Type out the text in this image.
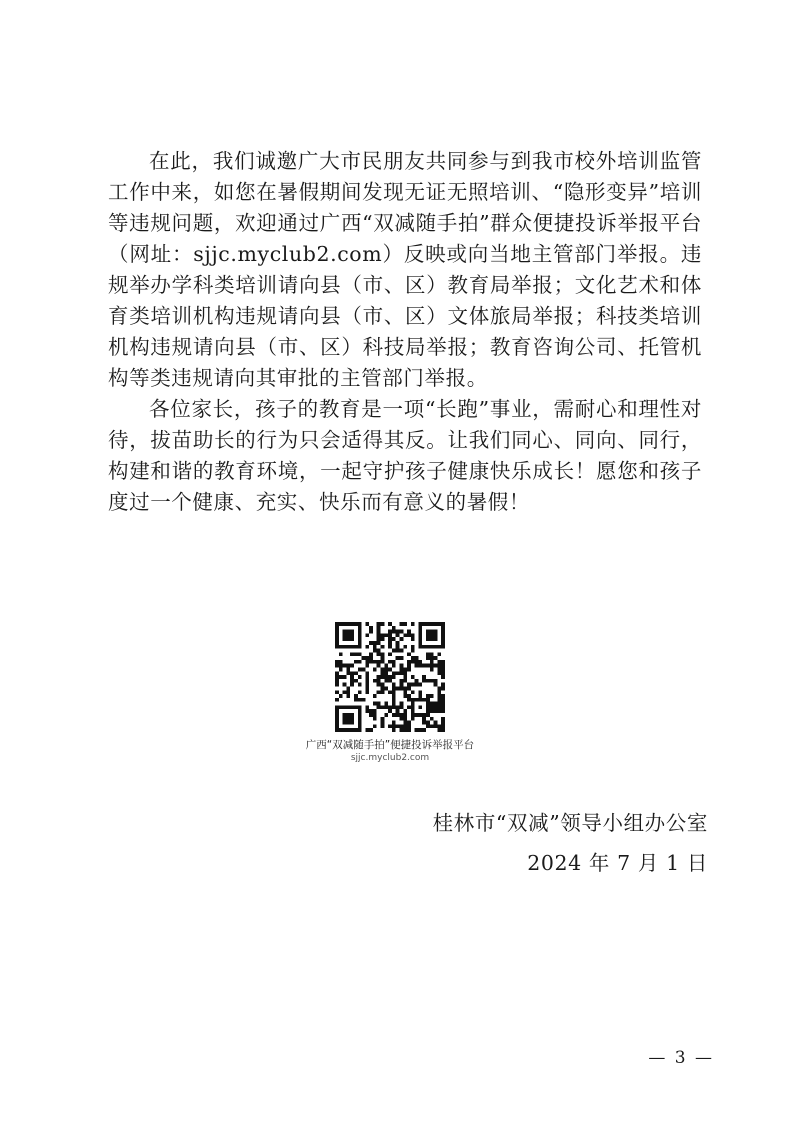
在此，我们诚邀广大市民朋友共同参与到我市校外培训监管工作中来，如您在暑假期间发现无证无照培训、“隐形变异”培训等违规问题，欢迎通过广西“双减随手拍”群众便捷投诉举报平台（网址：sjjc.myclub2.com）反映或向当地主管部门举报。违规举办学科类培训请向县（市、区）教育局举报；文化艺术和体育类培训机构违规请向县（市、区）文体旅局举报；科技类培训机构违规请向县（市、区）科技局举报；教育咨询公司、托管机构等类违规请向其审批的主管部门举报。

各位家长，孩子的教育是一项“长跑”事业，需耐心和理性对待，拔苗助长的行为只会适得其反。让我们同心、同向、同行，构建和谐的教育环境，一起守护孩子健康快乐成长！愿您和孩子度过一个健康、充实、快乐而有意义的暑假！

广西“双减随手拍”便捷投诉举报平台
sjjc.myclub2.com
桂林市“双减”领导小组办公室
2024 年 7 月 1 日
— 3 —
